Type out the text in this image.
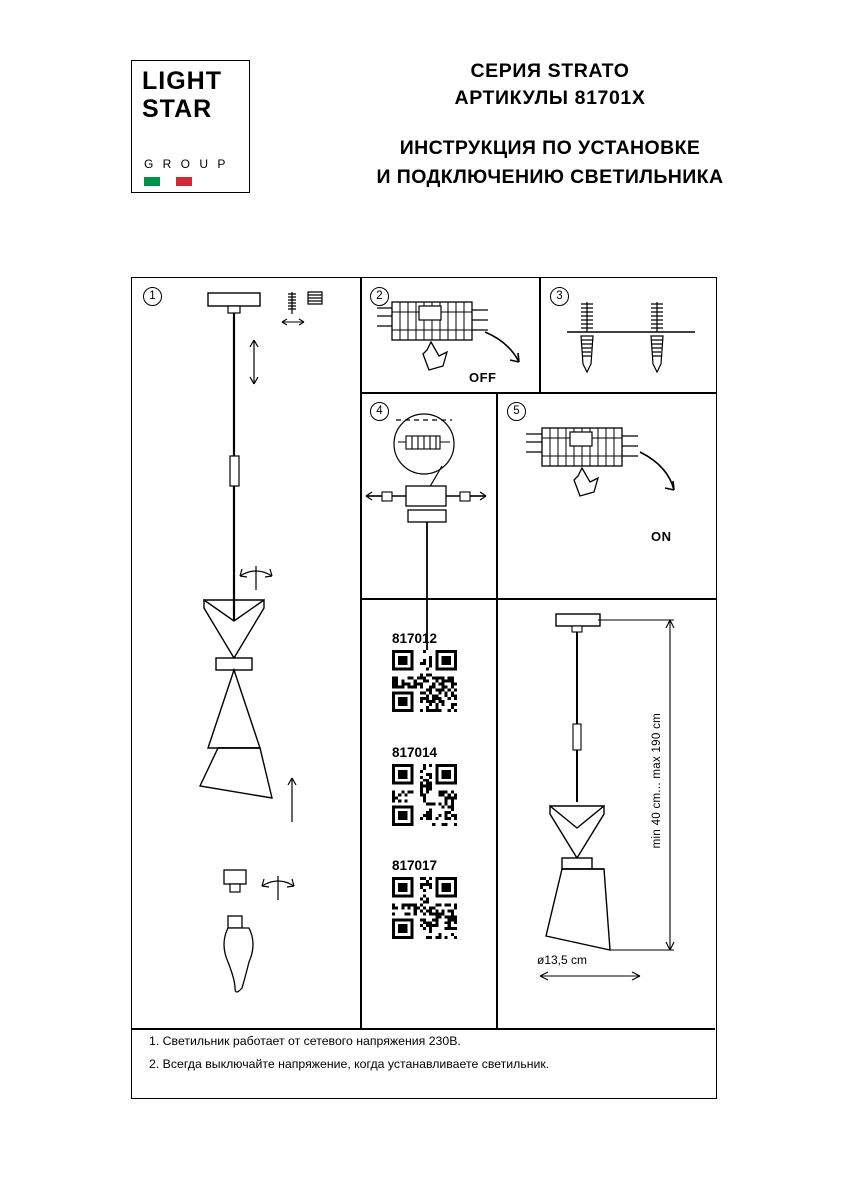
LIGHT
STAR
G R O U P
СЕРИЯ STRATO
АРТИКУЛЫ 81701X
ИНСТРУКЦИЯ ПО УСТАНОВКЕ
И ПОДКЛЮЧЕНИЮ СВЕТИЛЬНИКА
1	2
OFF
3
4	5
ON
817012
817014
817017
min 40 cm... max 190 cm
ø13,5 cm
1. Светильник работает от сетевого напряжения 230В.
2. Всегда выключайте напряжение, когда устанавливаете светильник.
